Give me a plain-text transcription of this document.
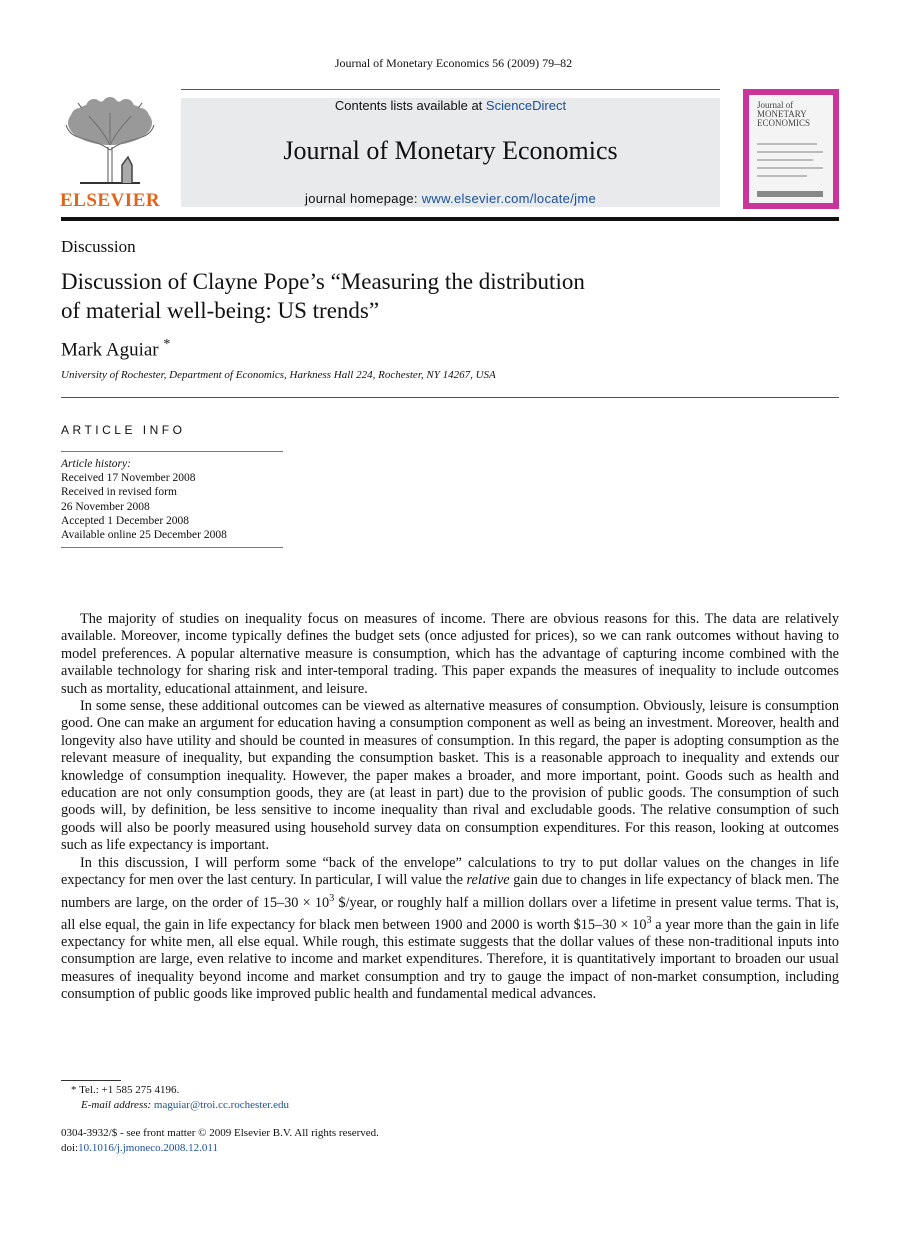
Journal of Monetary Economics 56 (2009) 79–82
ELSEVIER
Contents lists available at ScienceDirect
Journal of Monetary Economics
journal homepage: www.elsevier.com/locate/jme
Journal of MONETARY ECONOMICS
Discussion
Discussion of Clayne Pope’s “Measuring the distribution
of material well-being: US trends”
Mark Aguiar *
University of Rochester, Department of Economics, Harkness Hall 224, Rochester, NY 14267, USA
ARTICLE INFO
Article history:
Received 17 November 2008
Received in revised form
26 November 2008
Accepted 1 December 2008
Available online 25 December 2008

The majority of studies on inequality focus on measures of income. There are obvious reasons for this. The data are relatively available. Moreover, income typically defines the budget sets (once adjusted for prices), so we can rank outcomes without having to model preferences. A popular alternative measure is consumption, which has the advantage of capturing income combined with the available technology for sharing risk and inter-temporal trading. This paper expands the measures of inequality to include outcomes such as mortality, educational attainment, and leisure.

In some sense, these additional outcomes can be viewed as alternative measures of consumption. Obviously, leisure is consumption good. One can make an argument for education having a consumption component as well as being an investment. Moreover, health and longevity also have utility and should be counted in measures of consumption. In this regard, the paper is adopting consumption as the relevant measure of inequality, but expanding the consumption basket. This is a reasonable approach to inequality and extends our knowledge of consumption inequality. However, the paper makes a broader, and more important, point. Goods such as health and education are not only consumption goods, they are (at least in part) due to the provision of public goods. The consumption of such goods will, by definition, be less sensitive to income inequality than rival and excludable goods. The relative consumption of such goods will also be poorly measured using household survey data on consumption expenditures. For this reason, looking at outcomes such as life expectancy is important.

In this discussion, I will perform some “back of the envelope” calculations to try to put dollar values on the changes in life expectancy for men over the last century. In particular, I will value the relative gain due to changes in life expectancy of black men. The numbers are large, on the order of $15-30 \times 10^3$ $/year, or roughly half a million dollars over a lifetime in present value terms. That is, all else equal, the gain in life expectancy for black men between 1900 and 2000 is worth $15–30 × $10^3$ a year more than the gain in life expectancy for white men, all else equal. While rough, this estimate suggests that the dollar values of these non-traditional inputs into consumption are large, even relative to income and market expenditures. Therefore, it is quantitatively important to broaden our usual measures of inequality beyond income and market consumption and try to gauge the impact of non-market consumption, including consumption of public goods like improved public health and fundamental medical advances.

* Tel.: +1 585 275 4196.
E-mail address: maguiar@troi.cc.rochester.edu
0304-3932/$ - see front matter © 2009 Elsevier B.V. All rights reserved.
doi:10.1016/j.jmoneco.2008.12.011
